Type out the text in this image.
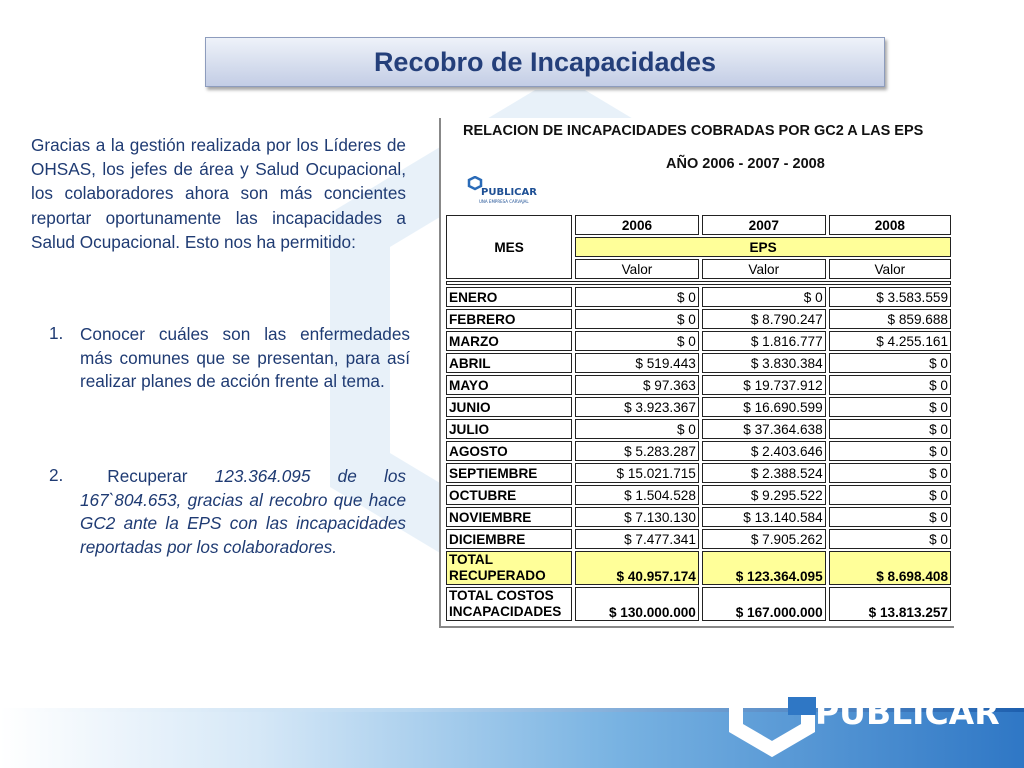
Recobro de Incapacidades
Gracias a la gestión realizada por los Líderes de OHSAS, los jefes de área y Salud Ocupacional, los colaboradores ahora son más concientes reportar oportunamente las incapacidades a Salud Ocupacional. Esto nos ha permitido:
1. Conocer cuáles son las enfermedades más comunes que se presentan, para así realizar planes de acción frente al tema.
2.	Recuperar 123.364.095 de los 167`804.653, gracias al recobro que hace GC2 ante la EPS con las incapacidades reportadas por los colaboradores.
RELACION DE INCAPACIDADES COBRADAS POR GC2 A LAS EPS
AÑO 2006 - 2007 - 2008
PUBLICAR
UNA EMPRESA CARVAJAL
MES	2006	2007	2008
	EPS		
	Valor	Valor	Valor

ENERO	$ 0	$ 0	$ 3.583.559
FEBRERO	$ 0	$ 8.790.247	$ 859.688
MARZO	$ 0	$ 1.816.777	$ 4.255.161
ABRIL	$ 519.443	$ 3.830.384	$ 0
MAYO	$ 97.363	$ 19.737.912	$ 0
JUNIO	$ 3.923.367	$ 16.690.599	$ 0
JULIO	$ 0	$ 37.364.638	$ 0
AGOSTO	$ 5.283.287	$ 2.403.646	$ 0
SEPTIEMBRE	$ 15.021.715	$ 2.388.524	$ 0
OCTUBRE	$ 1.504.528	$ 9.295.522	$ 0
NOVIEMBRE	$ 7.130.130	$ 13.140.584	$ 0
DICIEMBRE	$ 7.477.341	$ 7.905.262	$ 0
TOTAL
RECUPERADO	$ 40.957.174	$ 123.364.095	$ 8.698.408
TOTAL COSTOS
INCAPACIDADES	$ 130.000.000	$ 167.000.000	$ 13.813.257
PUBLICAR
